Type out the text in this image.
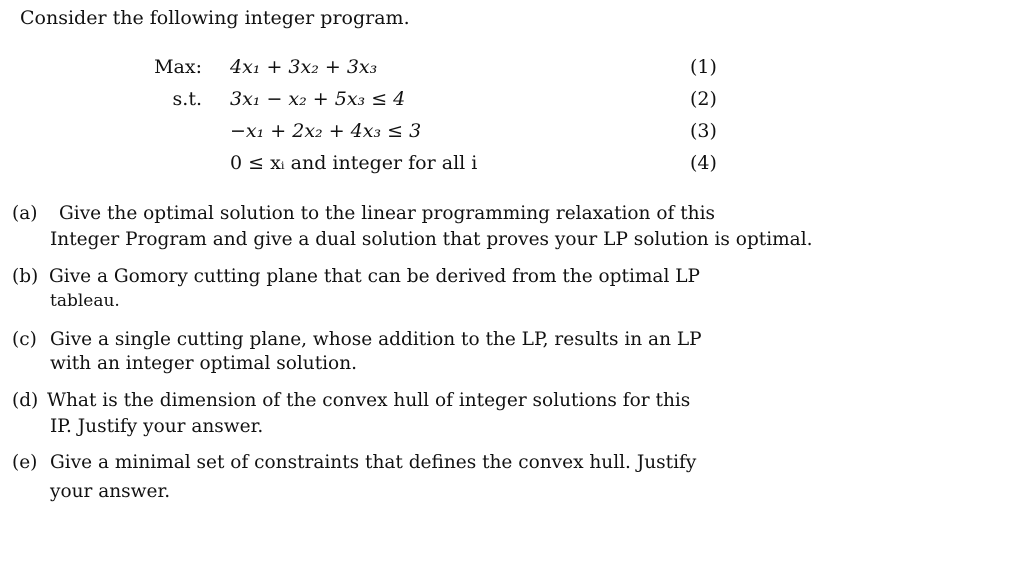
Consider the following integer program.
Max: 4x₁ + 3x₂ + 3x₃	(1)
s.t. 3x₁ − x₂ + 5x₃ ≤ 4	(2)
−x₁ + 2x₂ + 4x₃ ≤ 3	(3)
0 ≤ xᵢ and integer for all i	(4)
(a) Give the optimal solution to the linear programming relaxation of this
Integer Program and give a dual solution that proves your LP solution is optimal.
(b) Give a Gomory cutting plane that can be derived from the optimal LP
tableau.
(c) Give a single cutting plane, whose addition to the LP, results in an LP
with an integer optimal solution.
(d) What is the dimension of the convex hull of integer solutions for this
IP. Justify your answer.
(e) Give a minimal set of constraints that defines the convex hull. Justify
your answer.
